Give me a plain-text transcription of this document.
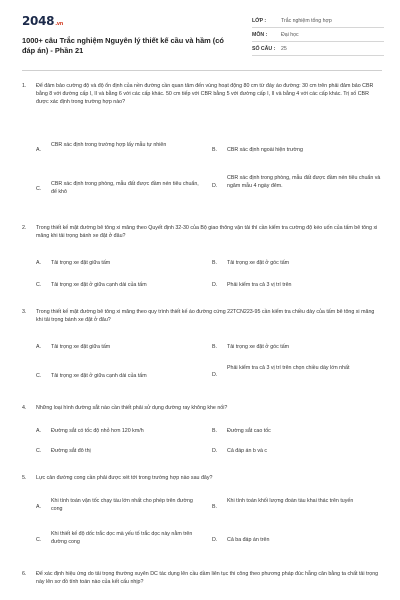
2048.vn
1000+ câu Trắc nghiệm Nguyên lý thiết kế cầu và hầm (có đáp án) - Phần 21
LỚP :	Trắc nghiệm tổng hợp
MÔN :	Đại học
SỐ CÂU :	25
1. Để đảm bảo cường độ và độ ổn định của nền đường cần quan tâm đến vùng hoạt động 80 cm từ đáy áo đường: 30 cm trên phải đảm bảo CBR bằng 8 với đường cấp I, II và bằng 6 với các cấp khác. 50 cm tiếp với CBR bằng 5 với đường cấp I, II và bằng 4 với các cấp khác. Trị số CBR được xác định trong trường hợp nào?
A.
CBR xác định trong trường hợp lấy mẫu tự nhiên
B. CBR xác định ngoài hiện trường
C.
CBR xác định trong phòng, mẫu đất được đầm nén tiêu chuẩn, để khô
D.
CBR xác định trong phòng, mẫu đất được đầm nén tiêu chuẩn và ngâm mẫu 4 ngày đêm.
2. Trong thiết kế mặt đường bê tông xi măng theo Quyết định 32-30 của Bộ giao thông vận tải thì cần kiểm tra cường độ kéo uốn của tấm bê tông xi măng khi tải trọng bánh xe đặt ở đâu?
A. Tải trọng xe đặt giữa tấm	B. Tải trọng xe đặt ở góc tấm
C. Tải trọng xe đặt ở giữa cạnh dài của tấm	D. Phải kiểm tra cả 3 vị trí trên
3. Trong thiết kế mặt đường bê tông xi măng theo quy trình thiết kế áo đường cứng 22TCN223-95 cần kiểm tra chiều dày của tấm bê tông xi măng khi tải trọng bánh xe đặt ở đâu?
A. Tải trọng xe đặt giữa tấm	B. Tải trọng xe đặt ở góc tấm
C. Tải trọng xe đặt ở giữa cạnh dài của tấm	D.
Phải kiểm tra cả 3 vị trí trên chọn chiều dày lớn nhất
4. Những loại hình đường sắt nào cần thiết phải sử dụng đường ray không khe nối?
A. Đường sắt có tốc độ nhỏ hơn 120 km/h	B. Đường sắt cao tốc
C. Đường sắt đô thị	D. Cả đáp án b và c
5. Lực cản đường cong cần phải được xét tới trong trường hợp nào sau đây?
A.
Khi tính toán vận tốc chạy tàu lớn nhất cho phép trên đường cong	B.
Khi tính toán khối lượng đoàn tàu khai thác trên tuyến
C.
Khi thiết kế độ dốc trắc dọc mà yếu tố trắc dọc này nằm trên đường cong	D. Cả ba đáp án trên
6. Để xác định hiệu ứng do tải trọng thường xuyên DC tác dụng lên cầu dầm liên tục thi công theo phương pháp đúc hẫng cân bằng ta chất tải trọng này lên sơ đồ tính toán nào của kết cấu nhịp?
